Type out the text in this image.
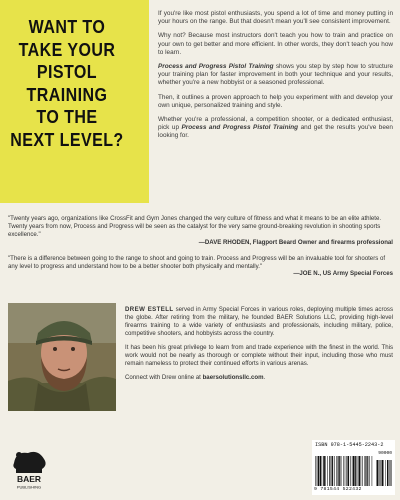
WANT TO
TAKE YOUR
PISTOL
TRAINING
TO THE
NEXT LEVEL?

If you're like most pistol enthusiasts, you spend a lot of time and money putting in your hours on the range. But that doesn't mean you'll see consistent improvement.

Why not? Because most instructors don't teach you how to train and practice on your own to get better and more efficient. In other words, they don't teach you how to learn.

Process and Progress Pistol Training shows you step by step how to structure your training plan for faster improvement in both your technique and your results, whether you're a new hobbyist or a seasoned professional.

Then, it outlines a proven approach to help you experiment with and develop your own unique, personalized training and style.

Whether you're a professional, a competition shooter, or a dedicated enthusiast, pick up Process and Progress Pistol Training and get the results you've been looking for.

"Twenty years ago, organizations like CrossFit and Gym Jones changed the very culture of fitness and what it means to be an elite athlete. Twenty years from now, Process and Progress will be seen as the catalyst for the very same ground-breaking revolution in shooting sports excellence."

—DAVE RHODEN, Flagport Beard Owner and firearms professional

"There is a difference between going to the range to shoot and going to train. Process and Progress will be an invaluable tool for shooters of any level to progress and understand how to be a better shooter both physically and mentally."

—JOE N., US Army Special Forces

DREW ESTELL served in Army Special Forces in various roles, deploying multiple times across the globe. After retiring from the military, he founded BAER Solutions LLC, providing high-level firearms training to a wide variety of enthusiasts and professionals, including military, police, competitive shooters, and hobbyists across the country.

It has been his great privilege to learn from and trade experience with the finest in the world. This work would not be nearly as thorough or complete without their input, including those who must remain nameless to protect their continued efforts in various arenas.

Connect with Drew online at baersolutionsllc.com.

BAER
PUBLISHING
ISBN 978-1-5445-2243-2
90000
9 781544 522432
